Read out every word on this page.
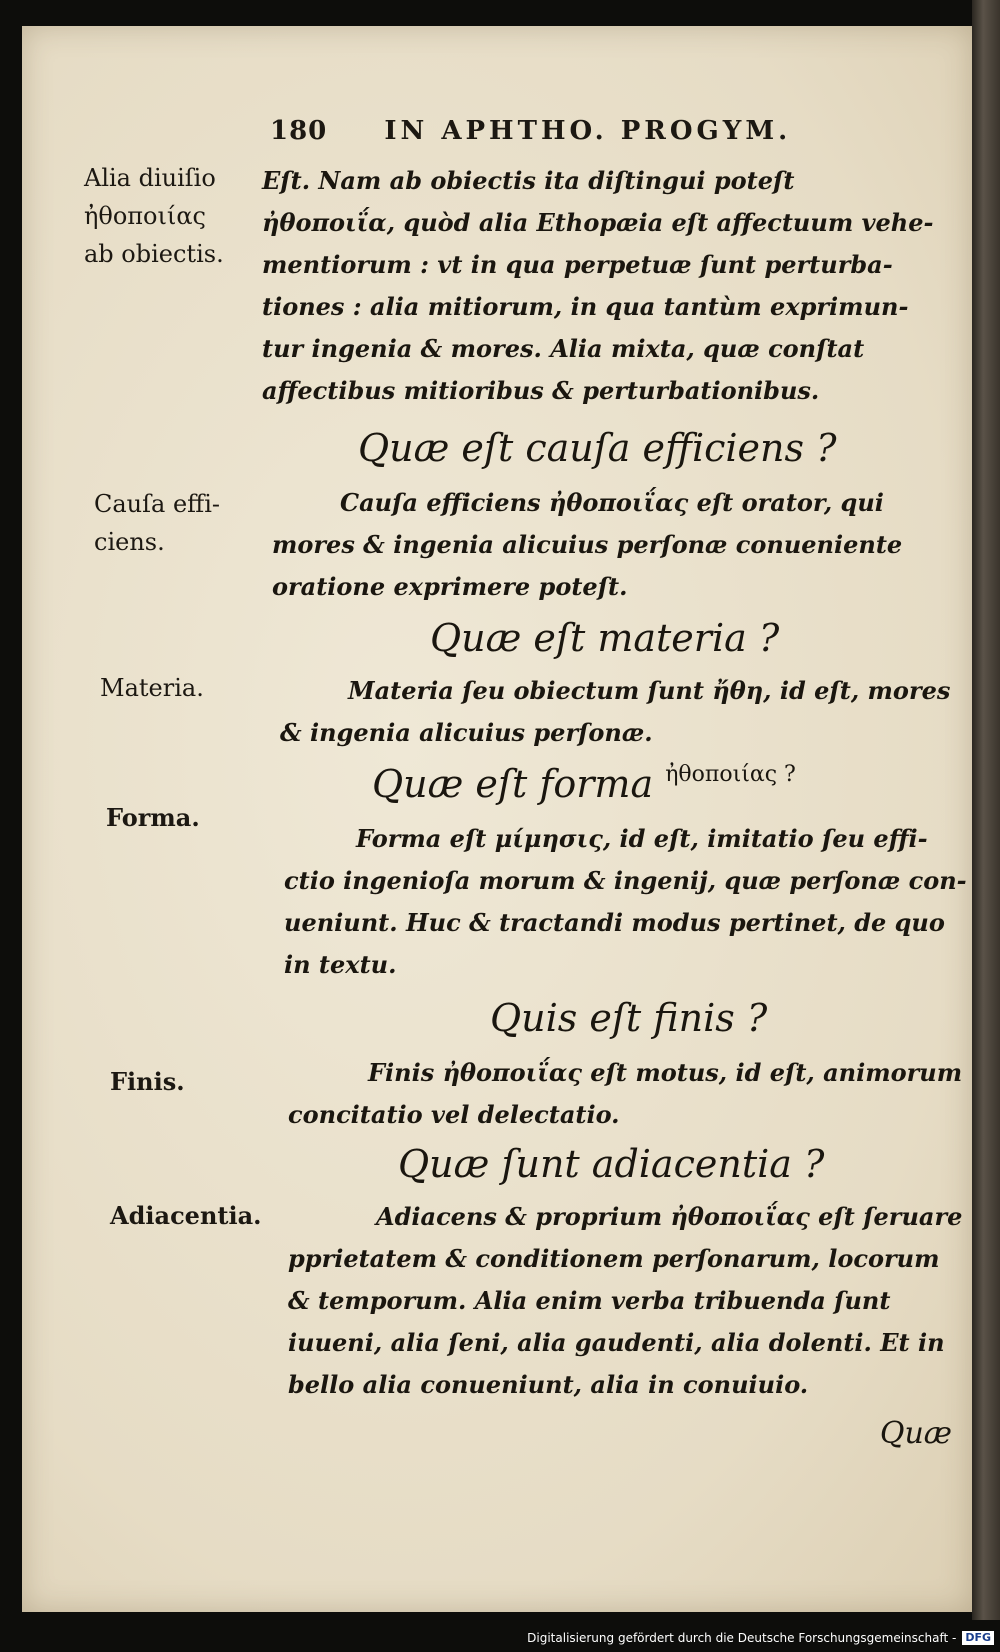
180 IN APHTHO. PROGYM.
Alia diuiſio
ἠθοποιίας
ab obiectis.
Cauſa effi-
ciens.
Materia.
Forma.
Finis.
Adiacentia.
Eſt. Nam ab obiectis ita diſtingui poteſt
ἠθοποιΐα, quòd alia Ethopæia eſt affectuum vehe-
mentiorum : vt in qua perpetuæ ſunt perturba-
tiones : alia mitiorum, in qua tantùm exprimun-
tur ingenia & mores. Alia mixta, quæ conſtat
affectibus mitioribus & perturbationibus.
Quæ eſt cauſa efficiens ?
Cauſa efficiens ἠθοποιΐας eſt orator, qui
mores & ingenia alicuius perſonæ conueniente
oratione exprimere poteſt.
Quæ eſt materia ?
Materia ſeu obiectum ſunt ἤθη, id eſt, mores
& ingenia alicuius perſonæ.
Quæ eſt forma $^{ἠ\theta o\pi o\iota ί\alpha\varsigma ?}$
Forma eſt μίμησις, id eſt, imitatio ſeu effi-
ctio ingenioſa morum & ingenij, quæ perſonæ con-
ueniunt. Huc & tractandi modus pertinet, de quo
in textu.
Quis eſt finis ?
Finis ἠθοποιΐας eſt motus, id eſt, animorum
concitatio vel delectatio.
Quæ ſunt adiacentia ?
Adiacens & proprium ἠθοποιΐας eſt ſeruare
pprietatem & conditionem perſonarum, locorum
& temporum. Alia enim verba tribuenda ſunt
iuueni, alia ſeni, alia gaudenti, alia dolenti. Et in
bello alia conueniunt, alia in conuiuio.
Quæ
Digitalisierung gefördert durch die Deutsche Forschungsgemeinschaft - DFG
